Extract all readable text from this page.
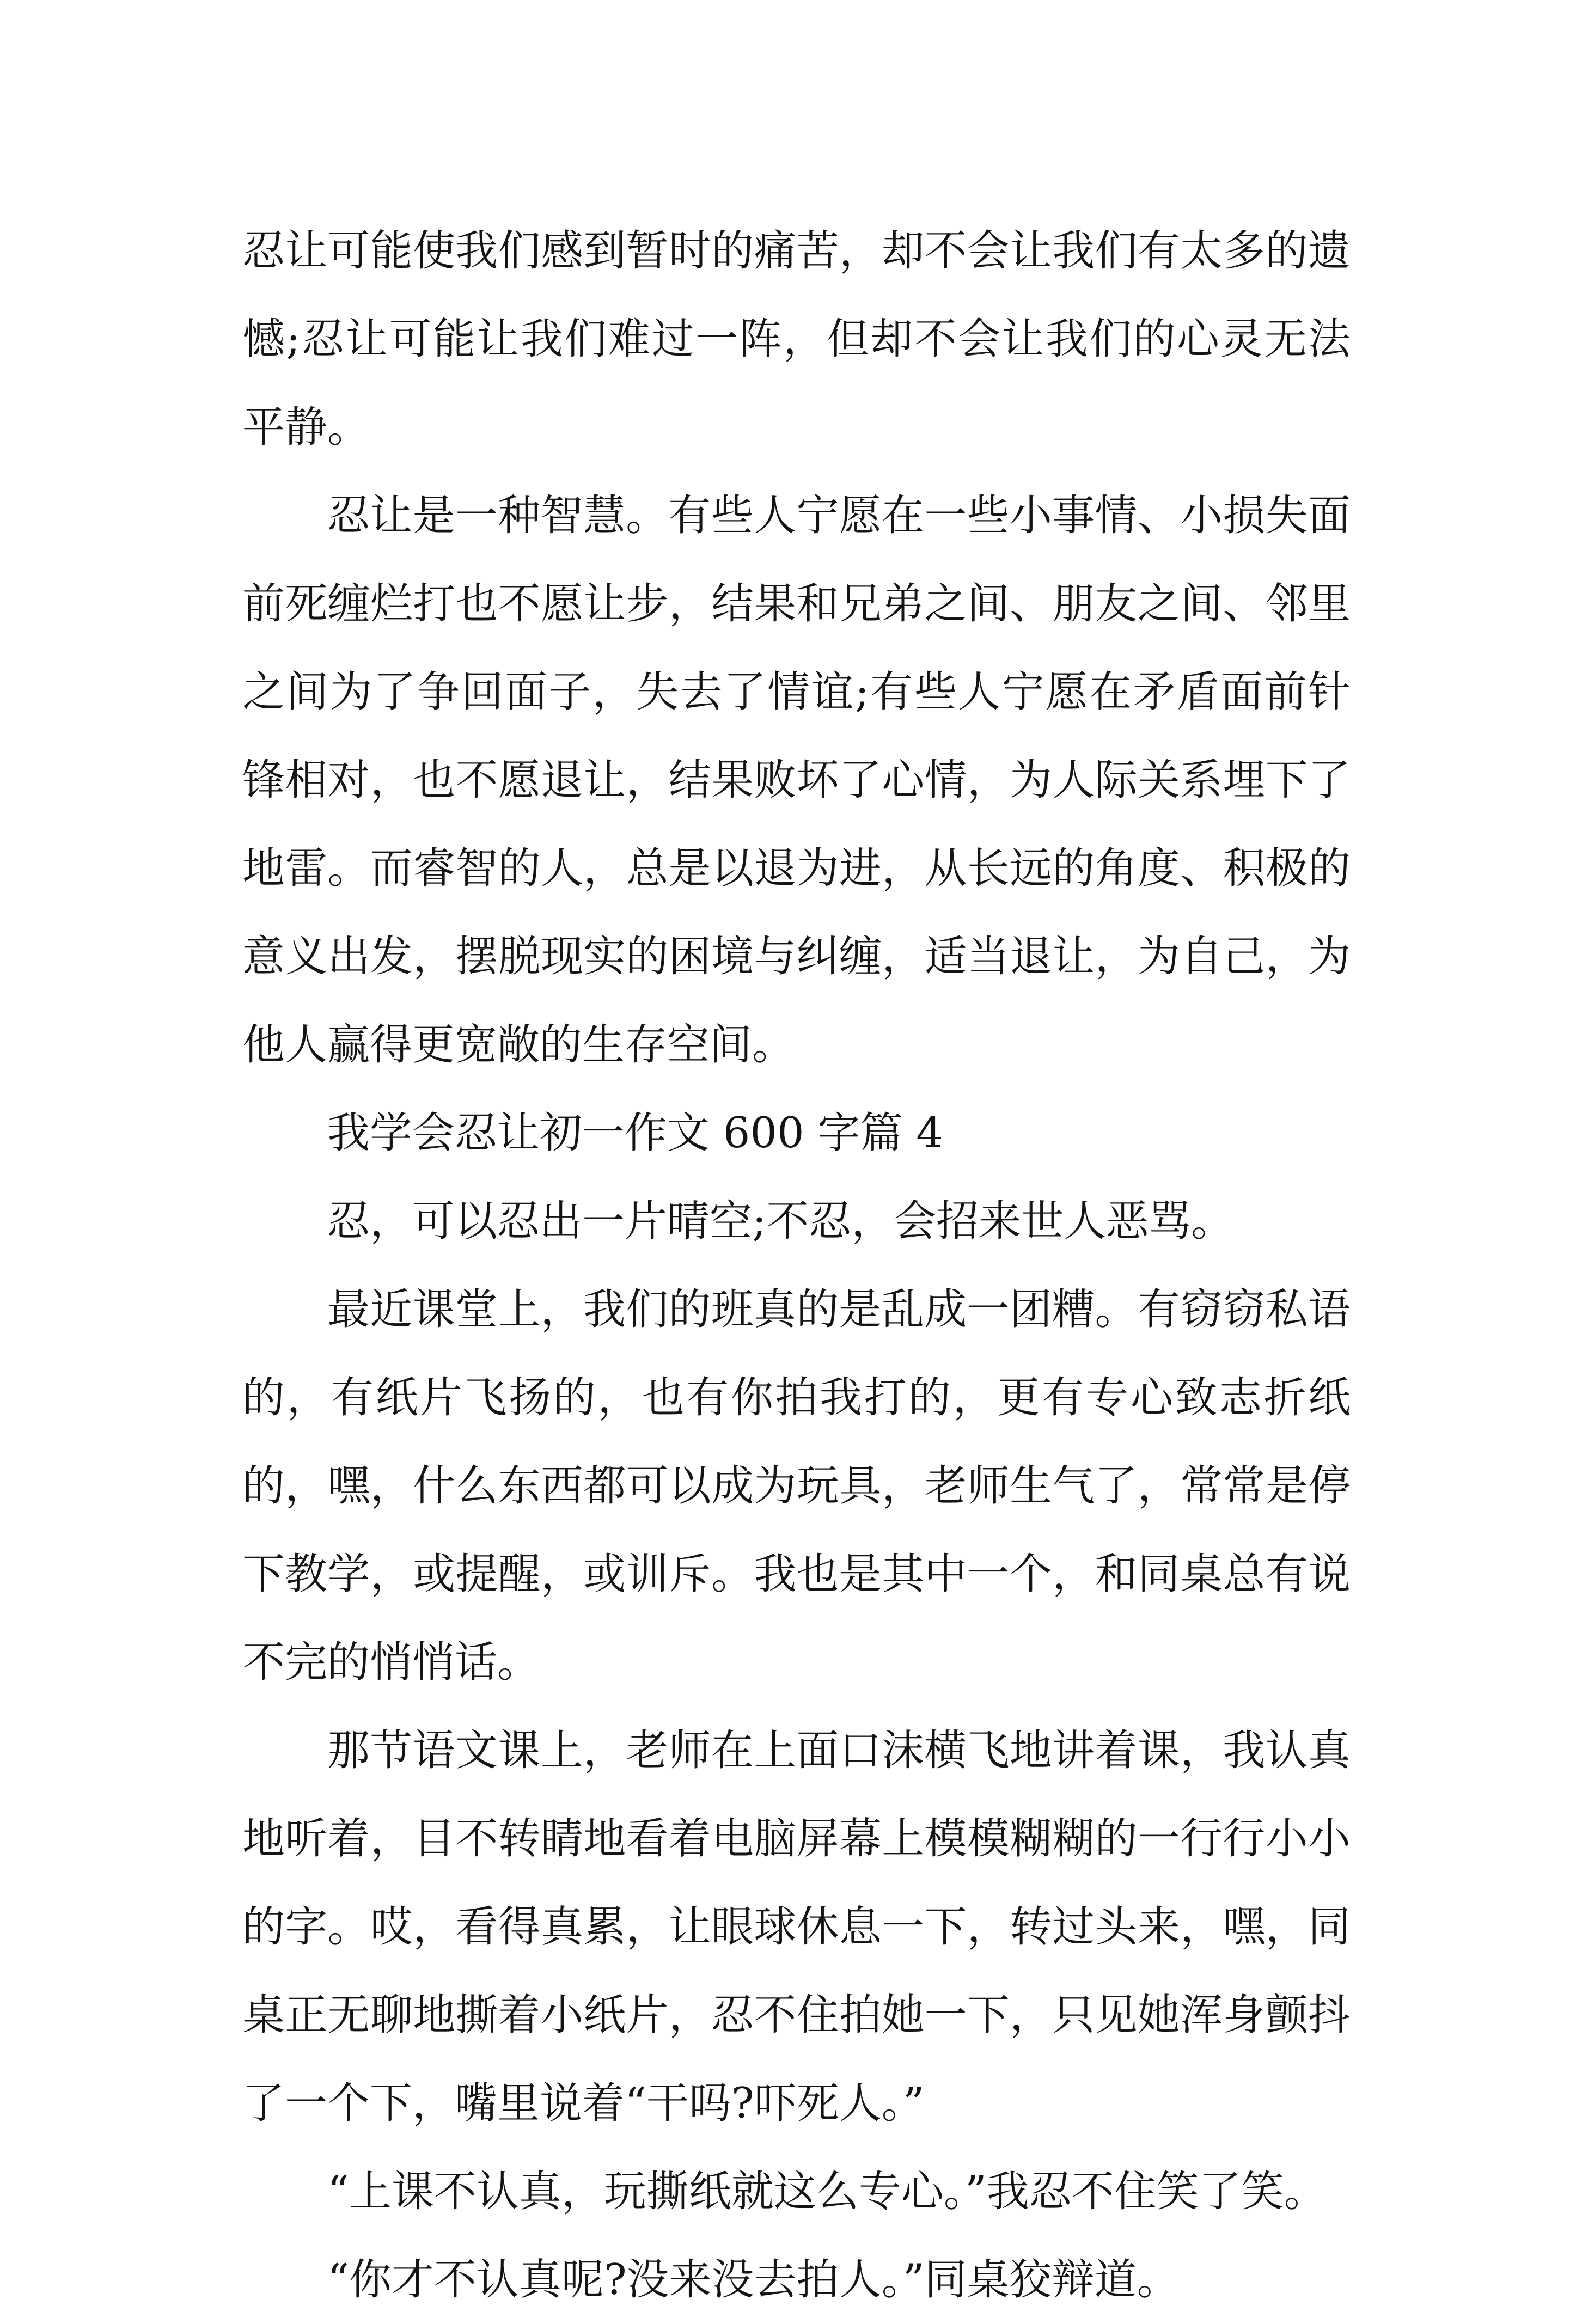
忍让可能使我们感到暂时的痛苦，却不会让我们有太多的遗憾;忍让可能让我们难过一阵，但却不会让我们的心灵无法平静。

忍让是一种智慧。有些人宁愿在一些小事情、小损失面前死缠烂打也不愿让步，结果和兄弟之间、朋友之间、邻里之间为了争回面子，失去了情谊;有些人宁愿在矛盾面前针锋相对，也不愿退让，结果败坏了心情，为人际关系埋下了地雷。而睿智的人，总是以退为进，从长远的角度、积极的意义出发，摆脱现实的困境与纠缠，适当退让，为自己，为他人赢得更宽敞的生存空间。

我学会忍让初一作文 600 字篇 4

忍，可以忍出一片晴空;不忍，会招来世人恶骂。

最近课堂上，我们的班真的是乱成一团糟。有窃窃私语的，有纸片飞扬的，也有你拍我打的，更有专心致志折纸的，嘿，什么东西都可以成为玩具，老师生气了，常常是停下教学，或提醒，或训斥。我也是其中一个，和同桌总有说不完的悄悄话。

那节语文课上，老师在上面口沫横飞地讲着课，我认真地听着，目不转睛地看着电脑屏幕上模模糊糊的一行行小小的字。哎，看得真累，让眼球休息一下，转过头来，嘿，同桌正无聊地撕着小纸片，忍不住拍她一下，只见她浑身颤抖了一个下，嘴里说着“干吗?吓死人。”

“上课不认真，玩撕纸就这么专心。”我忍不住笑了笑。

“你才不认真呢?没来没去拍人。”同桌狡辩道。
